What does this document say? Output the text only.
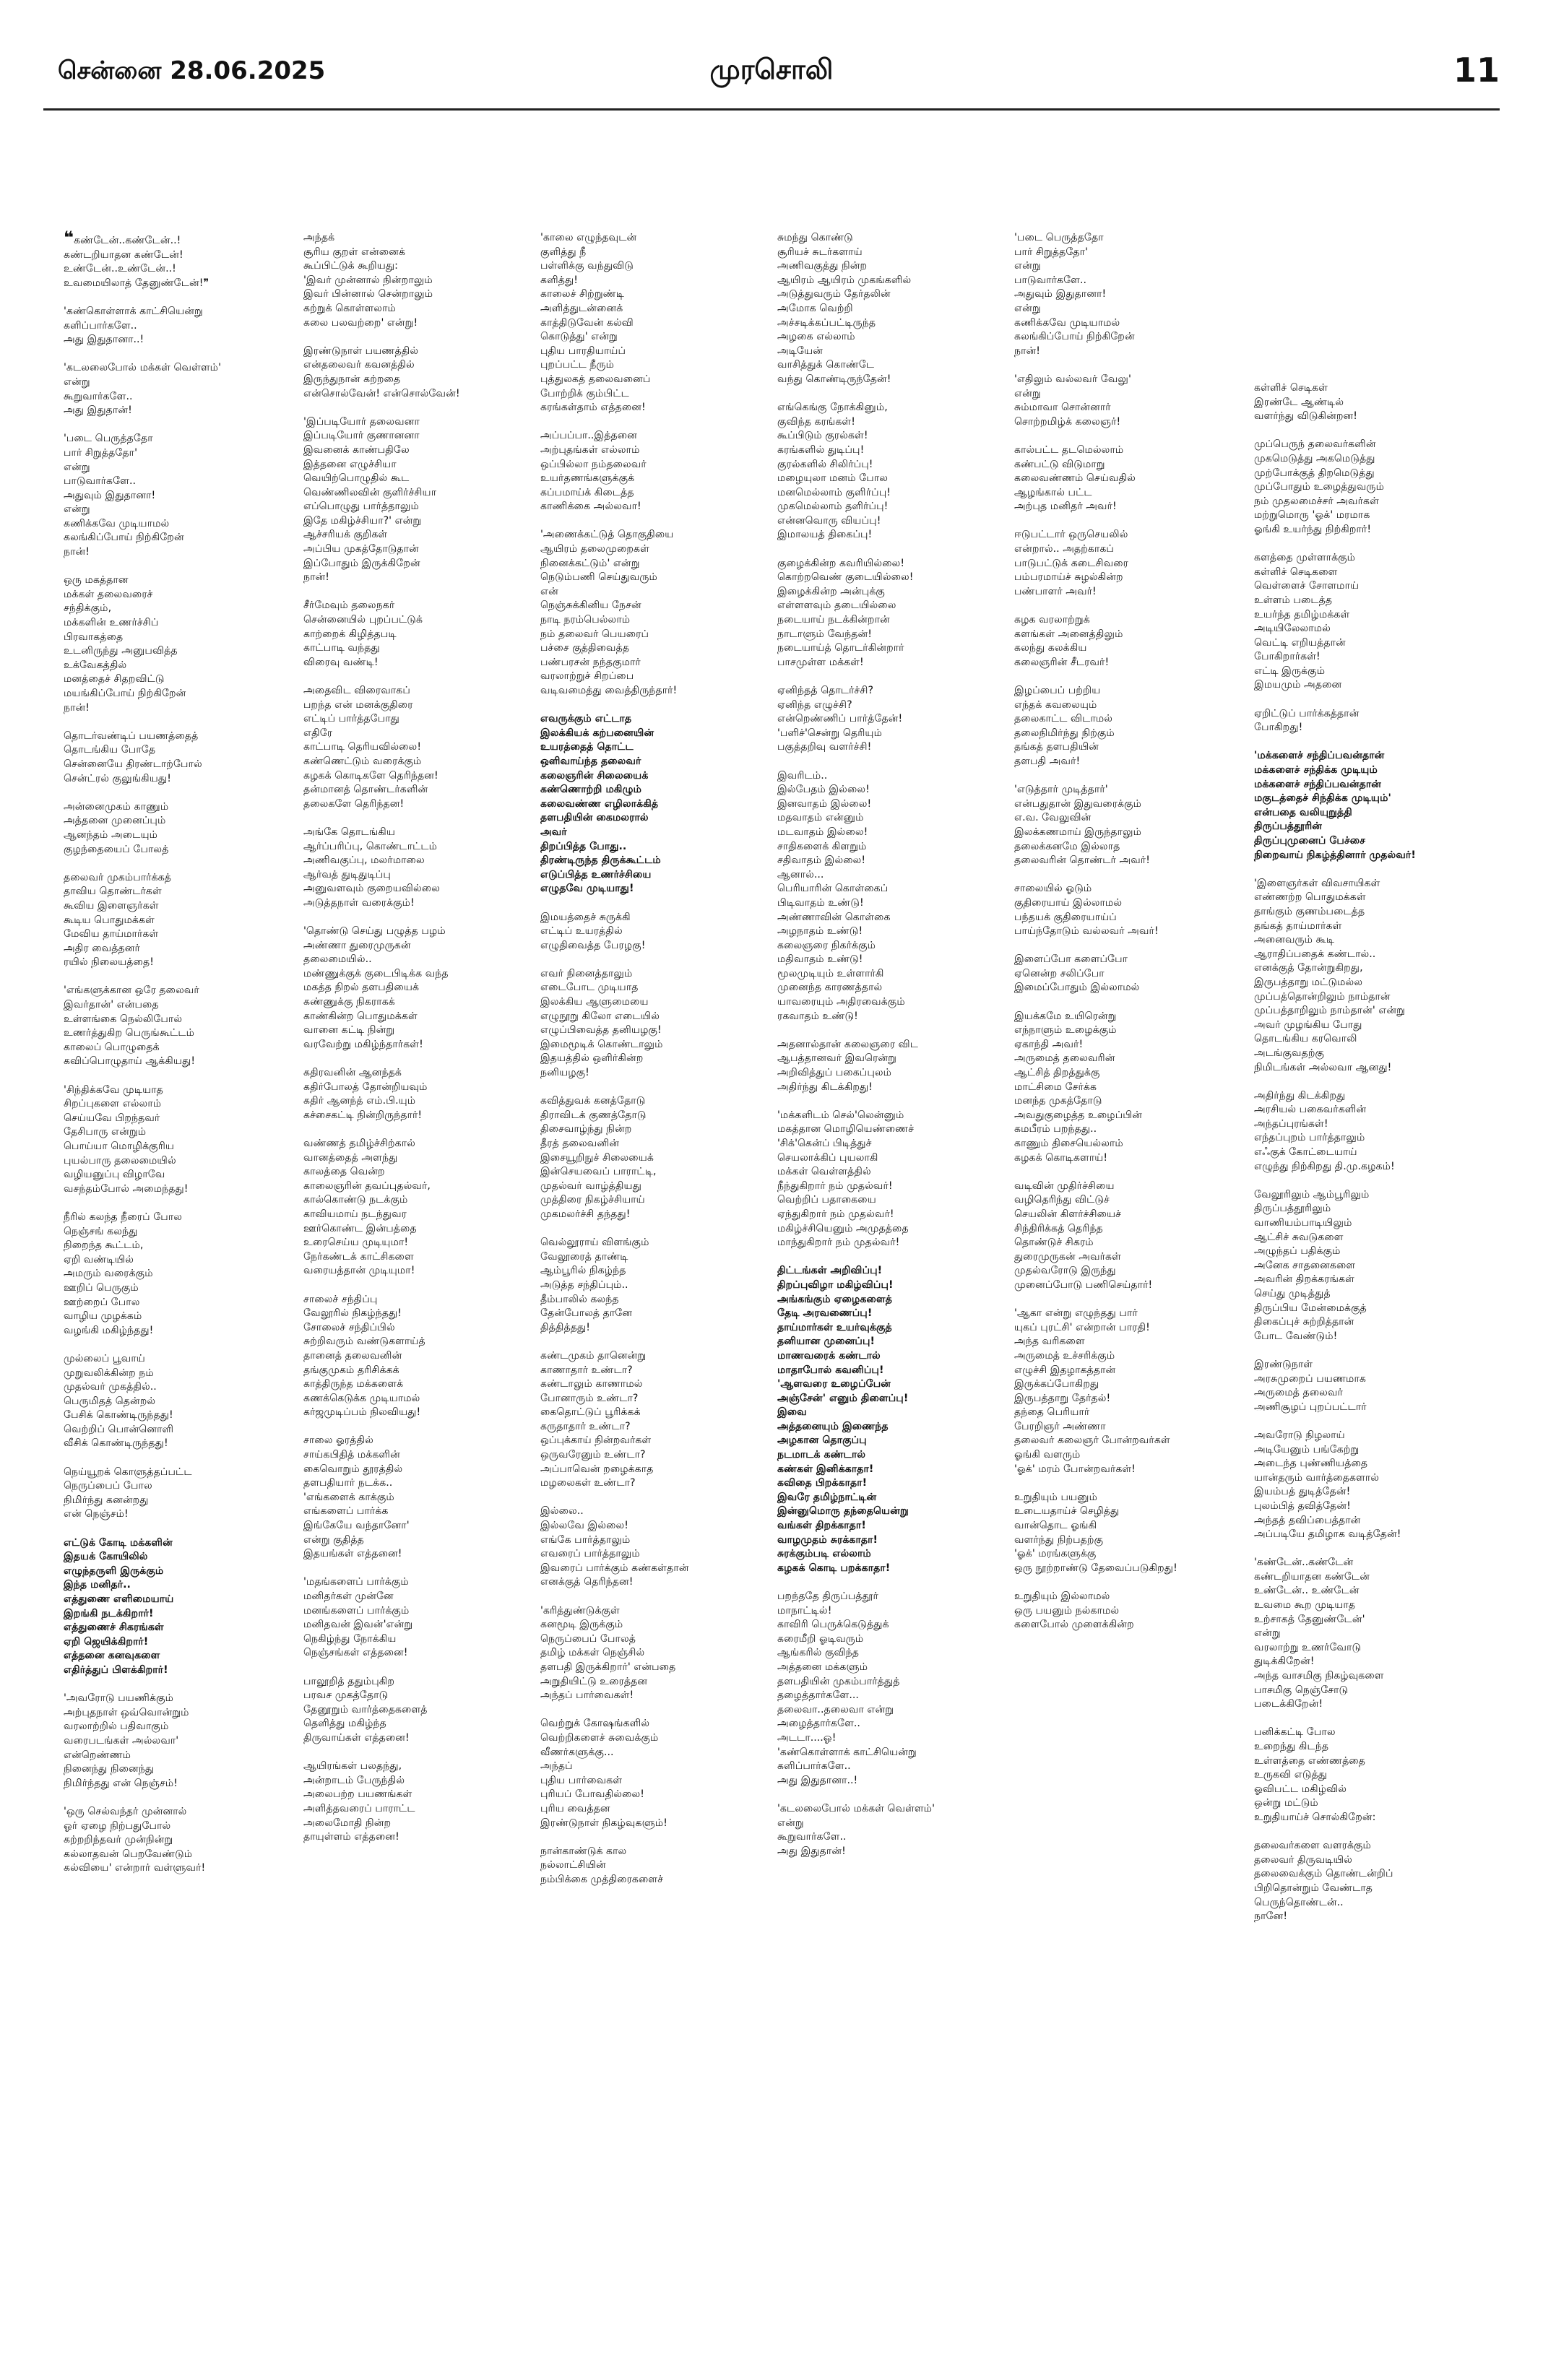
சென்னை 28.06.2025	முரசொலி	11
❝கண்டேன்..கண்டேன்..!
கண்டறியாதன கண்டேன்!
உண்டேன்..உண்டேன்..!
உவமையிலாத் தேனுண்டேன்!❞
'கண்கொள்ளாக் காட்சியென்று
களிப்பார்களே..
அது இதுதானா..!
'கடலலைபோல் மக்கள் வெள்ளம்'
என்று
கூறுவார்களே..
அது இதுதான்!
'படை பெருத்ததோ
பார் சிறுத்ததோ'
என்று
பாடுவார்களே..
அதுவும் இதுதானா!
என்று
கணிக்கவே முடியாமல்
கலங்கிப்போய் நிற்கிறேன்
நான்!
ஒரு மகத்தான
மக்கள் தலைவரைச்
சந்திக்கும்,
மக்களின் உணர்ச்சிப்
பிரவாகத்தை
உடனிருந்து அனுபவித்த
உக்வேகத்தில்
மனத்தைச் சிதறவிட்டு
மயங்கிப்போய் நிற்கிறேன்
நான்!
தொடர்வண்டிப் பயணத்தைத்
தொடங்கிய போதே
சென்னையே திரண்டாற்போல்
சென்ட்ரல் குலுங்கியது!
அன்னைமுகம் காணும்
அத்தனை முனைப்பும்
ஆனந்தம் அடையும்
குழந்தையைப் போலத்
தலைவர் முகம்பார்க்கத்
தாவிய தொண்டர்கள்
கூவிய இளைஞர்கள்
கூடிய பொதுமக்கள்
மேவிய தாய்மார்கள்
அதிர வைத்தனர்
ரயில் நிலையத்தை!
'எங்களுக்கான ஒரே தலைவர்
இவர்தான்' என்பதை
உள்ளங்கை நெல்லிபோல்
உணர்த்துகிற பெருங்கூட்டம்
காலைப் பொழுதைக்
கவிப்பொழுதாய் ஆக்கியது!
'சிந்திக்கவே முடியாத
சிறப்புகளை எல்லாம்
செய்யவே பிறந்தவர்
தேசிபாரு என்றும்
பொய்யா மொழிக்குரிய
புயல்பாரு தலைமையில்
வழியனுப்பு விழாவே
வசந்தம்போல் அமைந்தது!
நீரில் கலந்த நீரைப் போல
நெஞ்சங் கலந்து
நிறைந்த கூட்டம்,
ஏறி வண்டியில்
அமரும் வரைக்கும்
ஊறிப் பெருகும்
ஊற்றைப் போல
வாழிய முழக்கம்
வழங்கி மகிழ்ந்தது!
முல்லைப் பூவாய்
முறுவலிக்கின்ற நம்
முதல்வர் முகத்தில்..
பெருமிதத் தென்றல்
பேசிக் கொண்டிருந்தது!
வெற்றிப் பொன்னொளி
வீசிக் கொண்டிருந்தது!
நெய்யூறக் கொளுத்தப்பட்ட
நெருப்பைப் போல
நிமிர்ந்து கனன்றது
என் நெஞ்சம்!
எட்டுக் கோடி மக்களின்
இதயக் கோயிலில்
எழுந்தருளி இருக்கும்
இந்த மனிதர்..
எத்துணை எளிமையாய்
இறங்கி நடக்கிறார்!
எத்துணைச் சிகரங்கள்
ஏறி ஜெயிக்கிறார்!
எத்தனை கனவுகளை
எதிர்த்துப் பிளக்கிறார்!
'அவரோடு பயணிக்கும்
அற்புதநாள் ஒவ்வொன்றும்
வரலாற்றில் பதிவாகும்
வரைபடங்கள் அல்லவா'
என்றெண்ணம்
நினைந்து நினைந்து
நிமிர்ந்தது என் நெஞ்சம்!
'ஒரு செல்வந்தர் முன்னால்
ஓர் ஏழை நிற்பதுபோல்
கற்றறிந்தவர் முன்நின்று
கல்லாதவன் பெறவேண்டும்
கல்வியை' என்றார் வள்ளுவர்!
அந்தக்
சூரிய குறள் என்னைக்
கூப்பிட்டுக் கூறியது:
'இவர் முன்னால் நின்றாலும்
இவர் பின்னால் சென்றாலும்
கற்றுக் கொள்ளலாம்
கலை பலவற்றை' என்று!
இரண்டுநாள் பயணத்தில்
என்தலைவர் கவனத்தில்
இருந்துநான் கற்றதை
என்சொல்வேன்! என்சொல்வேன்!
'இப்படியோர் தலைவனா
இப்படியோர் குணானனா
இவனைக் காண்பதிலே
இத்தனை எழுச்சியா
வெயிற்பொழுதில் கூட
வெண்ணிலவின் குளிர்ச்சியா
எப்பொழுது பார்த்தாலும்
இதே மகிழ்ச்சியா?' என்று
ஆச்சரியக் குறிகள்
அப்பிய முகத்தோடுதான்
இப்போதும் இருக்கிறேன்
நான்!
சீர்மேவும் தலைநகர்
சென்னையில் புறப்பட்டுக்
காற்றைக் கிழித்தபடி
காட்பாடி வந்தது
விரைவு வண்டி!
அதைவிட விரைவாகப்
பறந்த என் மனக்குதிரை
எட்டிப் பார்த்தபோது
எதிரே
காட்பாடி தெரியவில்லை!
கண்ணெட்டும் வரைக்கும்
கழகக் கொடிகளே தெரிந்தன!
தன்மானத் தொண்டர்களின்
தலைகளே தெரிந்தன!
அங்கே தொடங்கிய
ஆர்ப்பரிப்பு, கொண்டாட்டம்
அணிவகுப்பு, மலர்மாலை
ஆர்வத் துடிதுடிப்பு
அனுவளவும் குறையவில்லை
அடுத்தநாள் வரைக்கும்!
'தொண்டு செய்து பழுத்த பழம்
அண்ணா துரைமுருகன்
தலைமையில்..
மண்ணுக்குக் குடைபிடிக்க வந்த
மகத்த நிறல் தளபதியைக்
கண்ணுக்கு நிகராகக்
காண்கின்ற பொதுமக்கள்
வானை கட்டி நின்று
வரவேற்று மகிழ்ந்தார்கள்!
கதிரவனின் ஆனந்தக்
கதிர்போலத் தோன்றியவும்
கதிர் ஆனந்த் எம்.பி.யும்
கச்சைகட்டி நின்றிருந்தார்!
வண்ணத் தமிழ்ச்சிற்கால்
வானத்தைத் அளந்து
காலத்தை வென்ற
காலைஞரின் தவப்புதல்வர்,
கால்கொண்டு நடக்கும்
காவியமாய் நடந்துவர
ஊர்கொண்ட இன்பத்தை
உரைசெய்ய முடியுமா!
நேர்கண்டக் காட்சிகளை
வரையத்தான் முடியுமா!
சாலைச் சந்திப்பு
வேலூரில் நிகழ்ந்தது!
சோலைச் சந்திப்பில்
சுற்றிவரும் வண்டுகளாய்த்
தானைத் தலைவனின்
தங்குமுகம் தரிசிக்கக்
காத்திருந்த மக்களைக்
கணக்கெடுக்க முடியாமல்
கர்ஜமுடிப்பம் நிலவியது!
சாலை ஓரத்தில்
சாய்கபிதித் மக்களின்
கைவொறும் தூரத்தில்
தளபதியார் நடக்க..
'எங்களைக் காக்கும்
எங்களைப் பார்க்க
இங்கேயே வந்தானோ'
என்று குதித்த
இதயங்கள் எத்தனை!
'மதங்களைப் பார்க்கும்
மனிதர்கள் முன்னே
மனங்களைப் பார்க்கும்
மனிதவன் இவன்'என்று
நெகிழ்ந்து நோக்கிய
நெஞ்சங்கள் எத்தனை!
பாலூறித் ததும்புகிற
பரவச முகத்தோடு
தேனூறும் வார்த்தைகளைத்
தெளித்து மகிழ்ந்த
திருவாய்கள் எத்தனை!
ஆயிரங்கள் பலதந்து,
அன்றாடம் பேருந்தில்
அலைபற்ற பயணங்கள்
அளித்தவரைப் பாராட்ட
அலைமோதி நின்ற
தாயுள்ளம் எத்தனை!
'காலை எழுந்தவுடன்
குளித்து நீ
பள்ளிக்கு வந்துவிடு
களித்து!
காலைச் சிற்றுண்டி
அளித்துடன்னைக்
காத்திடுவேன் கல்வி
கொடுத்து' என்று
புதிய பாரதியாய்ப்
புறப்பட்ட நீரும்
புத்துலகத் தலைவனைப்
போற்றிக் கும்பிட்ட
கரங்கள்தாம் எத்தனை!
அப்பப்பா..இத்தனை
அற்புதங்கள் எல்லாம்
ஒப்பில்லா நம்தலைவர்
உயர்தணங்களுக்குக்
கப்பமாய்க் கிடைத்த
காணிக்கை அல்லவா!
'அணைக்கட்டுத் தொகுதியை
ஆயிரம் தலைமுறைகள்
நினைக்கட்டும்' என்று
நெடும்பணி செய்துவரும்
என்
நெஞ்சுக்கினிய நேசன்
நாடி நரம்பெல்லாம்
நம் தலைவர் பெயரைப்
பச்சை குத்திவைத்த
பண்பரசன் நந்தகுமார்
வரலாற்றுச் சிறப்பை
வடிவமைத்து வைத்திருந்தார்!
எவருக்கும் எட்டாத
இலக்கியக் கற்பனையின்
உயரத்தைத் தொட்ட
ஒளிவாய்ந்த தலைவர்
கலைஞரின் சிலையைக்
கண்ணொற்றி மகிழும்
கலைவண்ண எழிலாக்கித்
தளபதியின் கைமலரால்
அவர்
திறப்பித்த போது..
திரண்டிருந்த திருக்கூட்டம்
எடுப்பித்த உணர்ச்சியை
எழுதவே முடியாது!
இமயத்தைச் சுருக்கி
எட்டிப் உயரத்தில்
எழுதிவைத்த பேரழகு!
எவர் நினைத்தாலும்
எடைபோட முடியாத
இலக்கிய ஆளுமையை
எழுநூறு கிலோ எடையில்
எழுப்பிவைத்த தனியழகு!
இமைமூடிக் கொண்டாலும்
இதயத்தில் ஒளிர்கின்ற
நனியழகு!
கவித்துவக் கனத்தோடு
திராவிடக் குணத்தோடு
திசைவாழ்ந்து நின்ற
தீரத் தலைவனின்
இசையூறிநுச் சிலையைக்
இன்செயவைப் பாராட்டி,
முதல்வர் வாழ்த்தியது
முத்திரை நிகழ்ச்சியாய்
முகமலர்ச்சி தந்தது!
வெல்லூராய் விளங்கும்
வேலூரைத் தாண்டி
ஆம்பூரில் நிகழ்ந்த
அடுத்த சந்திப்பும்..
தீம்பாலில் கலந்த
தேன்போலத் தானே
தித்தித்தது!
கண்டமுகம் தானென்று
காணாதார் உண்டா?
கண்டாலும் காணாமல்
போனாரும் உண்டா?
கைதொட்டுப் பூரிக்கக்
கருதாதார் உண்டா?
ஒப்புக்காய் நின்றவர்கள்
ஒருவரேனும் உண்டா?
அப்பாவென் றழைக்காத
மழலைகள் உண்டா?
இல்லை..
இல்லவே இல்லை!
எங்கே பார்த்தாலும்
எவரைப் பார்த்தாலும்
இவரைப் பார்க்கும் கண்கள்தான்
எனக்குத் தெரிந்தன!
'கரித்துண்டுக்குள்
கனமூடி இருக்கும்
நெருப்பைப் போலத்
தமிழ் மக்கள் நெஞ்சில்
தளபதி இருக்கிறார்' என்பதை
அறுதியிட்டு உரைத்தன
அந்தப் பார்வைகள்!
வெற்றுக் கோஷங்களில்
வெற்றிகளைச் சுவைக்கும்
வீணர்களுக்கு...
அந்தப்
புதிய பார்வைகள்
புரியப் போவதில்லை!
புரிய வைத்தன
இரண்டுநாள் நிகழ்வுகளும்!
நான்காண்டுக் கால
நல்லாட்சியின்
நம்பிக்கை முத்திரைகளைச்
சுமந்து கொண்டு
சூரியச் சுடர்களாய்
அணிவகுத்து நின்ற
ஆயிரம் ஆயிரம் முகங்களில்
அடுத்துவரும் தேர்தலின்
அமோக வெற்றி
அச்சடிக்கப்பட்டிருந்த
அழகை எல்லாம்
அடியேன்
வாசித்துக் கொண்டே
வந்து கொண்டிருந்தேன்!
எங்கெங்கு நோக்கினும்,
குவிந்த கரங்கள்!
கூப்பிடும் குரல்கள்!
கரங்களில் துடிப்பு!
குரல்களில் சிலிர்ப்பு!
மழையுலா மனம் போல
மனமெல்லாம் குளிர்ப்பு!
முகமெல்லாம் தளிர்ப்பு!
என்னவொரு வியப்பு!
இமாலயத் திகைப்பு!
குழைக்கின்ற கவரியில்லை!
கொற்றவெண் குடையில்லை!
இழைக்கின்ற அன்புக்கு
எள்ளளவும் தடையில்லை
நடையாய் நடக்கின்றான்
நாடாளும் வேந்தன்!
நடையாய்த் தொடர்கின்றார்
பாசமுள்ள மக்கள்!
ஏனிந்தத் தொடர்ச்சி?
ஏனிந்த எழுச்சி?
என்றெண்ணிப் பார்த்தேன்!
'பளிச்'சென்று தெரியும்
பகுத்தறிவு வளர்ச்சி!
இவரிடம்..
இல்பேதம் இல்லை!
இனவாதம் இல்லை!
மதவாதம் என்னும்
மடவாதம் இல்லை!
சாதிகளைக் கிளறும்
சதிவாதம் இல்லை!
ஆனால்...
பெரியாரின் கொள்கைப்
பிடிவாதம் உண்டு!
அண்ணாவின் கொள்கை
அழநாதம் உண்டு!
கலைஞரை நிகர்க்கும்
மதிவாதம் உண்டு!
மூலமுடியும் உள்ளார்கி
முனைந்த காரணத்தால்
யாவரையும் அதிரவைக்கும்
ரகவாதம் உண்டு!
அதனால்தான் கலைஞரை விட
ஆபத்தானவர் இவரென்று
அறிவித்துப் பகைப்புலம்
அதிர்ந்து கிடக்கிறது!
'மக்களிடம் செல்'லென்னும்
மகத்தான மொழியெண்ணைச்
'சிக்'கென்ப் பிடித்துச்
செயலாக்கிப் புயலாகி
மக்கள் வெள்ளத்தில்
நீந்துகிறார் நம் முதல்வர்!
வெற்றிப் பதாகையை
ஏந்துகிறார் நம் முதல்வர்!
மகிழ்ச்சியெனும் அமுதத்தை
மாந்துகிறார் நம் முதல்வர்!
திட்டங்கள் அறிவிப்பு!
திறப்புவிழா மகிழ்விப்பு!
அங்கங்கும் ஏழைகளைத்
தேடி அரவணைப்பு!
தாய்மார்கள் உயர்வுக்குத்
தனியான முனைப்பு!
மாணவரைக் கண்டால்
மாதாபோல் கவனிப்பு!
'ஆளவரை உழைப்பேன்
அஞ்சேன்' எனும் திளைப்பு!
இவை
அத்தனையும் இணைந்த
அழகான தொகுப்பு
நடமாடக் கண்டால்
கண்கள் இனிக்காதா!
கவிதை பிறக்காதா!
இவரே தமிழ்நாட்டின்
இன்னுமொரு தந்தையென்று
வங்கள் திறக்காதா!
வாழமுதம் சுரக்காதா!
சுரக்கும்படி எல்லாம்
கழகக் கொடி பறக்காதா!
பறந்ததே திருப்பத்தூர்
மாநாட்டில்!
காவிரி பெருக்கெடுத்துக்
கரைமீறி ஓடிவரும்
ஆங்கரில் குவிந்த
அத்தனை மக்களும்
தளபதியின் முகம்பார்த்துத்
தழைத்தார்களே...
தலைவா..தலைவா என்று
அழைத்தார்களே..
அடடா....ஓ!
'கண்கொள்ளாக் காட்சியென்று
களிப்பார்களே..
அது இதுதானா..!
'கடலலைபோல் மக்கள் வெள்ளம்'
என்று
கூறுவார்களே..
அது இதுதான்!
'படை பெருத்ததோ
பார் சிறுத்ததோ'
என்று
பாடுவார்களே..
அதுவும் இதுதானா!
என்று
கணிக்கவே முடியாமல்
கலங்கிப்போய் நிற்கிறேன்
நான்!
'எதிலும் வல்லவர் வேலு'
என்று
சும்மாவா சொன்னார்
சொற்றமிழ்க் கலைஞர்!
கால்பட்ட தடமெல்லாம்
கண்பட்டு விடுமாறு
கலைவண்ணம் செய்வதில்
ஆழங்கால் பட்ட
அற்புத மனிதர் அவர்!
ஈடுபட்டார் ஒருசெயலில்
என்றால்.. அதற்காகப்
பாடுபட்டுக் கடைசிவரை
பம்பரமாய்ச் சுழல்கின்ற
பண்பாளர் அவர்!
கழக வரலாற்றுக்
களங்கள் அனைத்திலும்
கலந்து கலக்கிய
கலைஞரின் சீடரவர்!
இழப்பைப் பற்றிய
எந்தக் கவலையும்
தலைகாட்ட விடாமல்
தலைநிமிர்ந்து நிற்கும்
தங்கத் தளபதியின்
தளபதி அவர்!
'எடுத்தார் முடித்தார்'
என்பதுதான் இதுவரைக்கும்
எ.வ. வேலுவின்
இலக்கணமாய் இருந்தாலும்
தலைக்கனமே இல்லாத
தலைவரின் தொண்டர் அவர்!
சாலையில் ஓடும்
குதிரையாய் இல்லாமல்
பந்தயக் குதிரையாய்ப்
பாய்ந்தோடும் வல்லவர் அவர்!
இளைப்போ களைப்போ
ஏனென்ற சலிப்போ
இமைப்போதும் இல்லாமல்
இயக்கமே உயிரென்று
எந்நாளும் உழைக்கும்
ஏகாந்தி அவர்!
அருமைத் தலைவரின்
ஆட்சித் திறத்துக்கு
மாட்சிமை சேர்க்க
மனந்த முகத்தோடு
அவதுகுழைத்த உழைப்பின்
கமபீரம் பறந்தது..
காணும் திசையெல்லாம்
கழகக் கொடிகளாய்!
வடிவின் முதிர்ச்சியை
வழிதெரிந்து விட்டுச்
செயலின் கிளர்ச்சியைச்
சிந்திரிக்கத் தெரிந்த
தொண்டுச் சிகரம்
துரைமுருகன் அவர்கள்
முதல்வரோடு இருந்து
முனைப்போடு பணிசெய்தார்!
'ஆகா என்று எழுந்தது பார்
யுகப் புரட்சி' என்றான் பாரதி!
அந்த வரிகளை
அருமைத் உச்சரிக்கும்
எழுச்சி இதழாகத்தான்
இருக்கப்போகிறது
இருபத்தாறு தேர்தல்!
தந்தை பெரியார்
பேரறிஞர் அண்ணா
தலைவர் கலைஞர் போன்றவர்கள்
ஓங்கி வளரும்
'ஓக்' மரம் போன்றவர்கள்!
உறுதியும் பயனும்
உடையதாய்ச் செழித்து
வான்தொட ஓங்கி
வளர்ந்து நிற்பதற்கு
'ஓக்' மரங்களுக்கு
ஒரு நூற்றாண்டு தேவைப்படுகிறது!
உறுதியும் இல்லாமல்
ஒரு பயனும் நல்காமல்
களைபோல் முளைக்கின்ற
கள்ளிச் செடிகள்
இரண்டே ஆண்டில்
வளர்ந்து விடுகின்றன!
முப்பெருந் தலைவர்களின்
முகமெடுத்து அகமெடுத்து
முற்போக்குத் திறமெடுத்து
முப்போதும் உழைத்துவரும்
நம் முதலமைச்சர் அவர்கள்
மற்றுமொரு 'ஓக்' மரமாக
ஓங்கி உயர்ந்து நிற்கிறார்!
களத்தை முள்ளாக்கும்
கள்ளிச் செடிகளை
வெள்ளைச் சோளமாய்
உள்ளம் படைத்த
உயர்ந்த தமிழ்மக்கள்
அடியிலேலாமல்
வெட்டி எறியத்தான்
போகிறார்கள்!
எட்டி இருக்கும்
இமயமும் அதனை
ஏறிட்டுப் பார்க்கத்தான்
போகிறது!
'மக்களைச் சந்திப்பவன்தான்
மக்களைச் சந்திக்க முடியும்
மக்களைச் சந்திப்பவன்தான்
மகுடத்தைச் சிந்திக்க முடியும்'
என்பதை வலியுறுத்தி
திருப்பத்தூரின்
திருப்புமுனைப் பேச்சை
நிறைவாய் நிகழ்த்தினார் முதல்வர்!
'இளைஞர்கள் விவசாயிகள்
எண்ணற்ற பொதுமக்கள்
தாங்கும் குணம்படைத்த
தங்கத் தாய்மார்கள்
அனைவரும் கூடி
ஆராதிப்பதைக் கண்டால்..
எனக்குத் தோன்றுகிறது,
இருபத்தாறு மட்டுமல்ல
முப்பத்தொன்றிலும் நாம்தான்
முப்பத்தாறிலும் நாம்தான்' என்று
அவர் முழங்கிய போது
தொடங்கிய கரவொலி
அடங்குவதற்கு
நிமிடங்கள் அல்லவா ஆனது!
அதிர்ந்து கிடக்கிறது
அரசியல் பகைவர்களின்
அந்தப்புரங்கள்!
எந்தப்புறம் பார்த்தாலும்
எஃகுக் கோட்டையாய்
எழுந்து நிற்கிறது தி.மு.கழகம்!
வேலூரிலும் ஆம்பூரிலும்
திருப்பத்தூரிலும்
வாணியம்பாடியிலும்
ஆட்சிச் சுவடுகளை
அழுந்தப் பதிக்கும்
அனேக சாதனைகளை
அவரின் திறக்கரங்கள்
செய்து முடித்துத்
திருப்பிய மேன்மைக்குத்
திகைப்புச் சுற்றித்தான்
போட வேண்டும்!
இரண்டுநாள்
அரசுமுறைப் பயணமாக
அருமைத் தலைவர்
அணிசூழப் புறப்பட்டார்
அவரோடு நிழலாய்
அடியேனும் பங்கேற்று
அடைந்த புண்ணியத்தை
யான்தரும் வார்த்தைகளால்
இயம்பத் துடித்தேன்!
புலம்பித் தவித்தேன்!
அந்தத் தவிப்பைத்தான்
அப்படியே தமிழாக வடித்தேன்!
'கண்டேன்..கண்டேன்
கண்டறியாதன கண்டேன்
உண்டேன்.. உண்டேன்
உவமை கூற முடியாத
உற்சாகத் தேனுண்டேன்'
என்று
வரலாற்று உணர்வோடு
துடிக்கிறேன்!
அந்த வாசமிகு நிகழ்வுகளை
பாசமிகு நெஞ்சோடு
படைக்கிறேன்!
பனிக்கட்டி போல
உறைந்து கிடந்த
உள்ளத்தை எண்ணத்தை
உருகவி எடுத்து
ஓவிபட்ட மகிழ்வில்
ஒன்று மட்டும்
உறுதியாய்ச் சொல்கிறேன்:
தலைவர்களை வளரக்கும்
தலைவர் திருவடியில்
தலைவைக்கும் தொண்டன்றிப்
பிறிதொன்றும் வேண்டாத
பெருந்தொண்டன்..
நானே!
